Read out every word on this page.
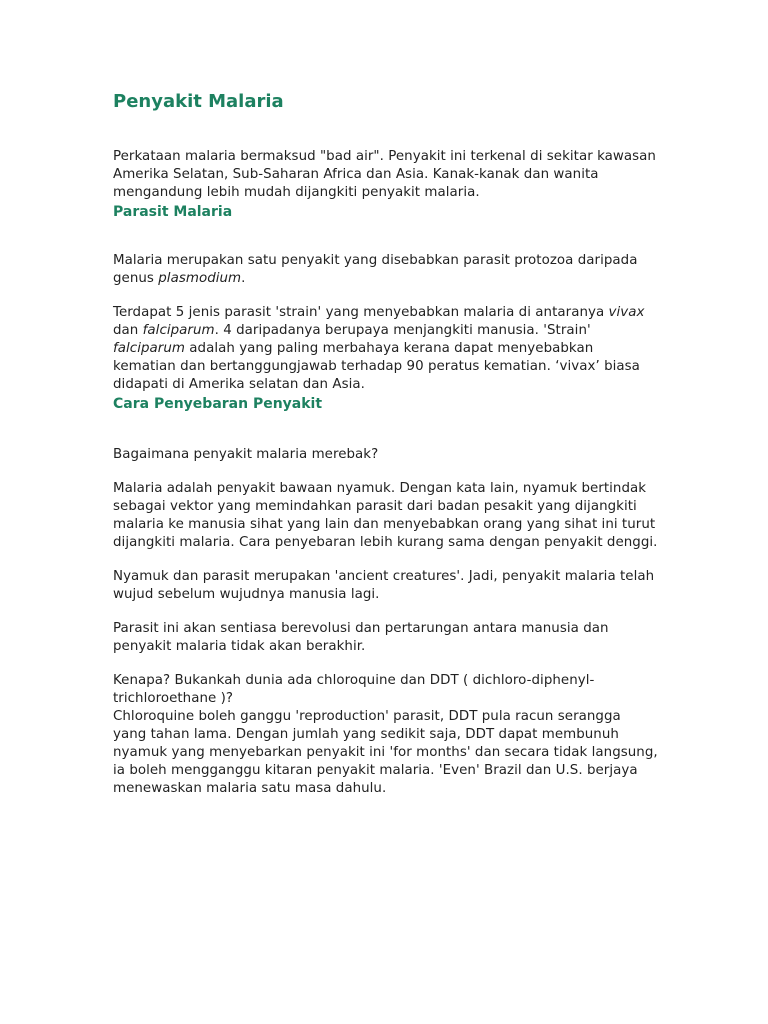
Penyakit Malaria

Perkataan malaria bermaksud "bad air". Penyakit ini terkenal di sekitar kawasan Amerika Selatan, Sub-Saharan Africa dan Asia. Kanak-kanak dan wanita mengandung lebih mudah dijangkiti penyakit malaria.

Parasit Malaria

Malaria merupakan satu penyakit yang disebabkan parasit protozoa daripada genus plasmodium.

Terdapat 5 jenis parasit 'strain' yang menyebabkan malaria di antaranya vivax dan falciparum. 4 daripadanya berupaya menjangkiti manusia. 'Strain' falciparum adalah yang paling merbahaya kerana dapat menyebabkan kematian dan bertanggungjawab terhadap 90 peratus kematian. ‘vivax’ biasa didapati di Amerika selatan dan Asia.

Cara Penyebaran Penyakit

Bagaimana penyakit malaria merebak?

Malaria adalah penyakit bawaan nyamuk. Dengan kata lain, nyamuk bertindak sebagai vektor yang memindahkan parasit dari badan pesakit yang dijangkiti malaria ke manusia sihat yang lain dan menyebabkan orang yang sihat ini turut dijangkiti malaria. Cara penyebaran lebih kurang sama dengan penyakit denggi.

Nyamuk dan parasit merupakan 'ancient creatures'. Jadi, penyakit malaria telah wujud sebelum wujudnya manusia lagi.

Parasit ini akan sentiasa berevolusi dan pertarungan antara manusia dan penyakit malaria tidak akan berakhir.

Kenapa? Bukankah dunia ada chloroquine dan DDT ( dichloro-diphenyl-trichloroethane )?

Chloroquine boleh ganggu 'reproduction' parasit, DDT pula racun serangga yang tahan lama. Dengan jumlah yang sedikit saja, DDT dapat membunuh nyamuk yang menyebarkan penyakit ini 'for months' dan secara tidak langsung, ia boleh mengganggu kitaran penyakit malaria. 'Even' Brazil dan U.S. berjaya menewaskan malaria satu masa dahulu.
